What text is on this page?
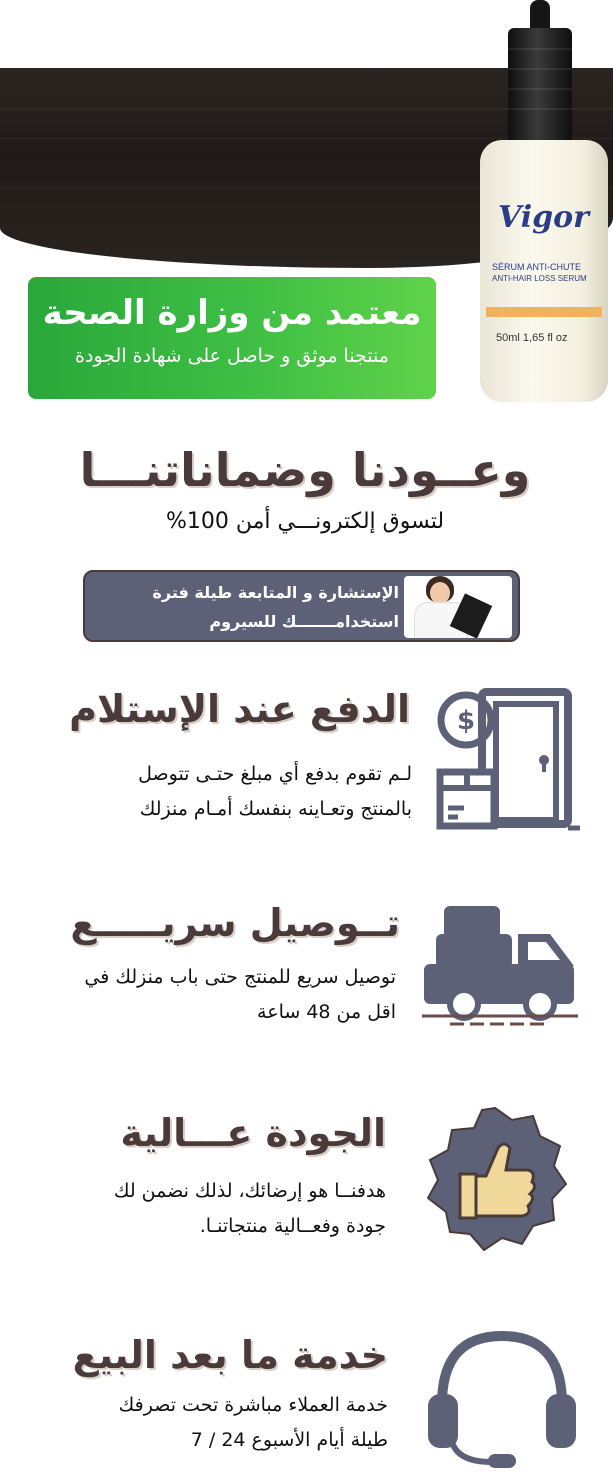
معتمد من وزارة الصحة
منتجنا موثق و حاصل على شهادة الجودة
Vigor
SÉRUM ANTI-CHUTE
ANTI-HAIR LOSS SERUM
50ml 1,65 fl oz
وعــودنا وضماناتنـــا
لتسوق إلكترونـــي أمن 100%
الإستشارة و المتابعة طيلة فترة
استخدامـــــــك للسيروم
الدفع عند الإستلام
لـم تقوم بدفع أي مبلغ حتـى تتوصل
بالمنتج وتعـاينه بنفسك أمـام منزلك
$
تــوصيل سريـــــع
توصيل سريع للمنتج حتى باب منزلك في
اقل من 48 ساعة
الجودة عـــالية
هدفنــا هو إرضائك، لذلك نضمن لك
جودة وفعــالية منتجاتنـا.
خدمة ما بعد البيع
خدمة العملاء مباشرة تحت تصرفك
طيلة أيام الأسبوع 24 / 7
